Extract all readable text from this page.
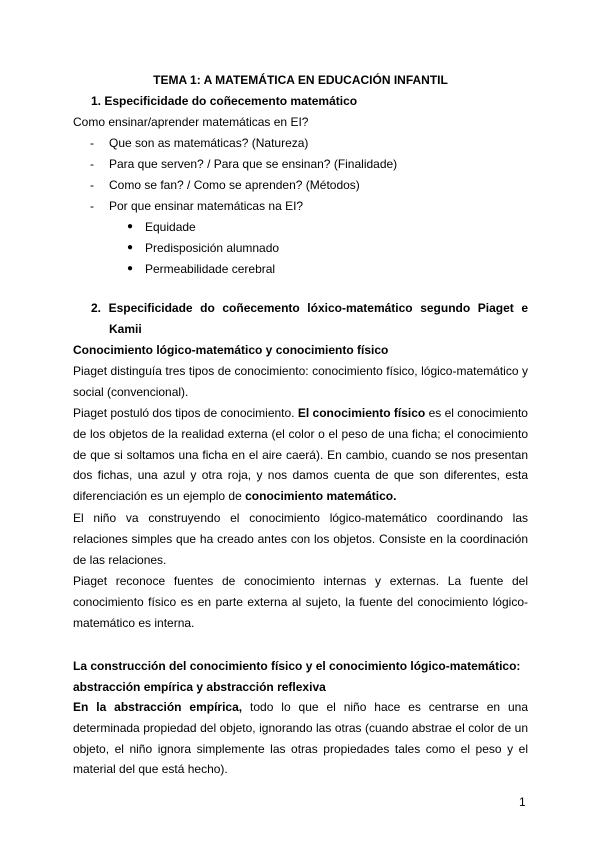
TEMA 1: A MATEMÁTICA EN EDUCACIÓN INFANTIL
1. Especificidade do coñecemento matemático
Como ensinar/aprender matemáticas en EI?
- Que son as matemáticas? (Natureza)
- Para que serven? / Para que se ensinan? (Finalidade)
- Como se fan? / Como se aprenden? (Métodos)
- Por que ensinar matemáticas na EI?
● Equidade
● Predisposición alumnado
● Permeabilidade cerebral
2. Especificidade do coñecemento lóxico-matemático segundo Piaget e
Kamii
Conocimiento lógico-matemático y conocimiento físico
Piaget distinguía tres tipos de conocimiento: conocimiento físico, lógico-matemático y social (convencional).
Piaget postuló dos tipos de conocimiento. El conocimiento físico es el conocimiento de los objetos de la realidad externa (el color o el peso de una ficha; el conocimiento de que si soltamos una ficha en el aire caerá). En cambio, cuando se nos presentan dos fichas, una azul y otra roja, y nos damos cuenta de que son diferentes, esta diferenciación es un ejemplo de conocimiento matemático.
El niño va construyendo el conocimiento lógico-matemático coordinando las relaciones simples que ha creado antes con los objetos. Consiste en la coordinación de las relaciones.
Piaget reconoce fuentes de conocimiento internas y externas. La fuente del conocimiento físico es en parte externa al sujeto, la fuente del conocimiento lógico-matemático es interna.
La construcción del conocimiento físico y el conocimiento lógico-matemático:
abstracción empírica y abstracción reflexiva
En la abstracción empírica, todo lo que el niño hace es centrarse en una determinada propiedad del objeto, ignorando las otras (cuando abstrae el color de un objeto, el niño ignora simplemente las otras propiedades tales como el peso y el material del que está hecho).
1
